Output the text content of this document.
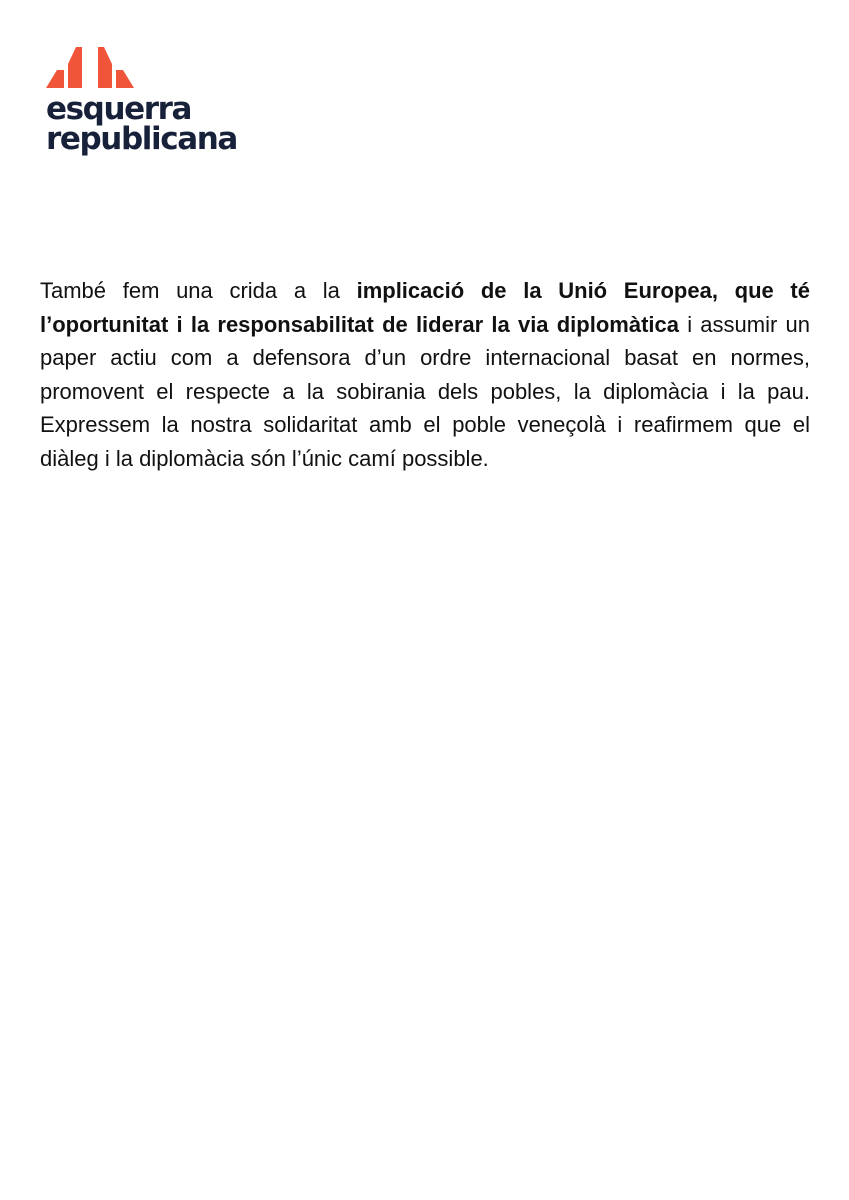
esquerra
republicana

També fem una crida a la implicació de la Unió Europea, que té l’oportunitat i la responsabilitat de liderar la via diplomàtica i assumir un paper actiu com a defensora d’un ordre internacional basat en normes, promovent el respecte a la sobirania dels pobles, la diplomàcia i la pau. Expressem la nostra solidaritat amb el poble veneçolà i reafirmem que el diàleg i la diplomàcia són l’únic camí possible.
